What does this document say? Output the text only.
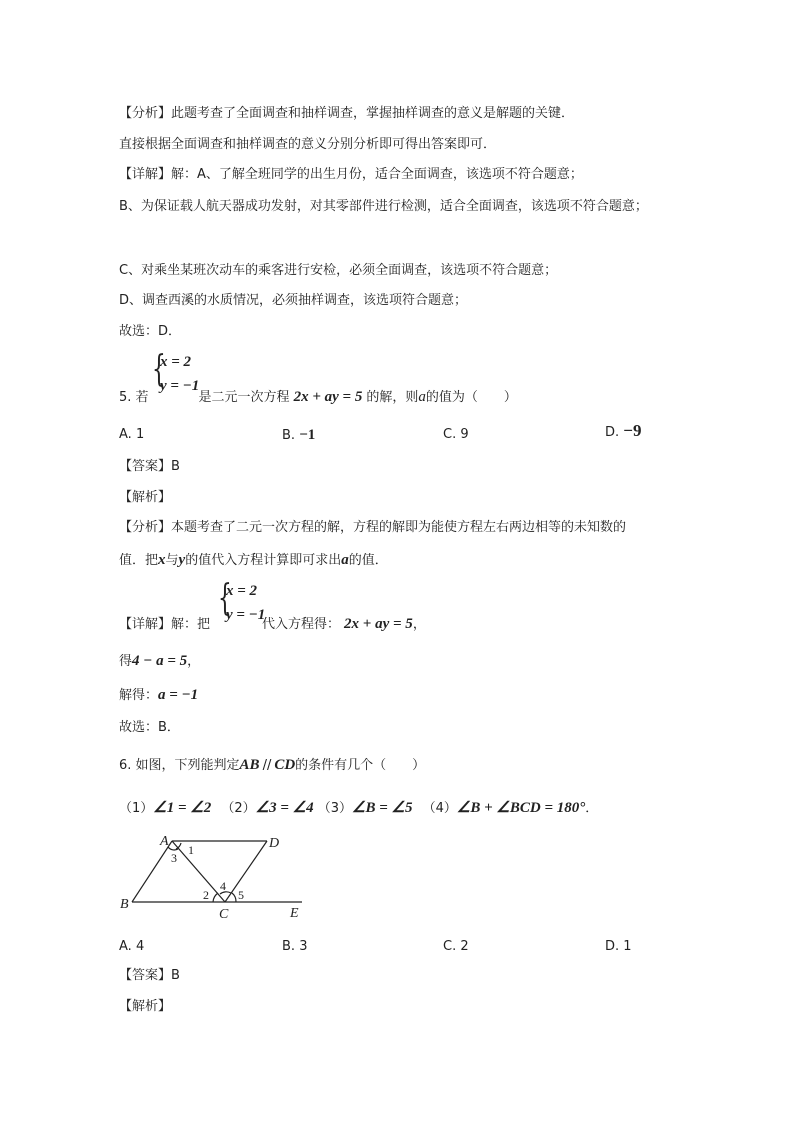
【分析】此题考查了全面调查和抽样调查，掌握抽样调查的意义是解题的关键．
直接根据全面调查和抽样调查的意义分别分析即可得出答案即可．
【详解】解：A、了解全班同学的出生月份，适合全面调查，该选项不符合题意；
B、为保证载人航天器成功发射，对其零部件进行检测，适合全面调查，该选项不符合题意；
C、对乘坐某班次动车的乘客进行安检，必须全面调查，该选项不符合题意；
D、调查西溪的水质情况，必须抽样调查，该选项符合题意；
故选：D．
{
x = 2
y = −1
5. 若	是二元一次方程 2x + ay = 5 的解，则a的值为（　　）
A. 1	B. −1	C. 9	D. −9
【答案】B
【解析】
【分析】本题考查了二元一次方程的解，方程的解即为能使方程左右两边相等的未知数的
值．把x与y的值代入方程计算即可求出a的值．
{
x = 2
y = −1
【详解】解：把	代入方程得： 2x + ay = 5，
得4 − a = 5，
解得：a = −1
故选：B．
6. 如图，下列能判定AB // CD的条件有几个（　　）
（1）∠1 = ∠2 （2）∠3 = ∠4 （3）∠B = ∠5 （4）∠B + ∠BCD = 180°．
A	D
B
C	E
1
3
2
4
5
A. 4	B. 3	C. 2	D. 1
【答案】B
【解析】
